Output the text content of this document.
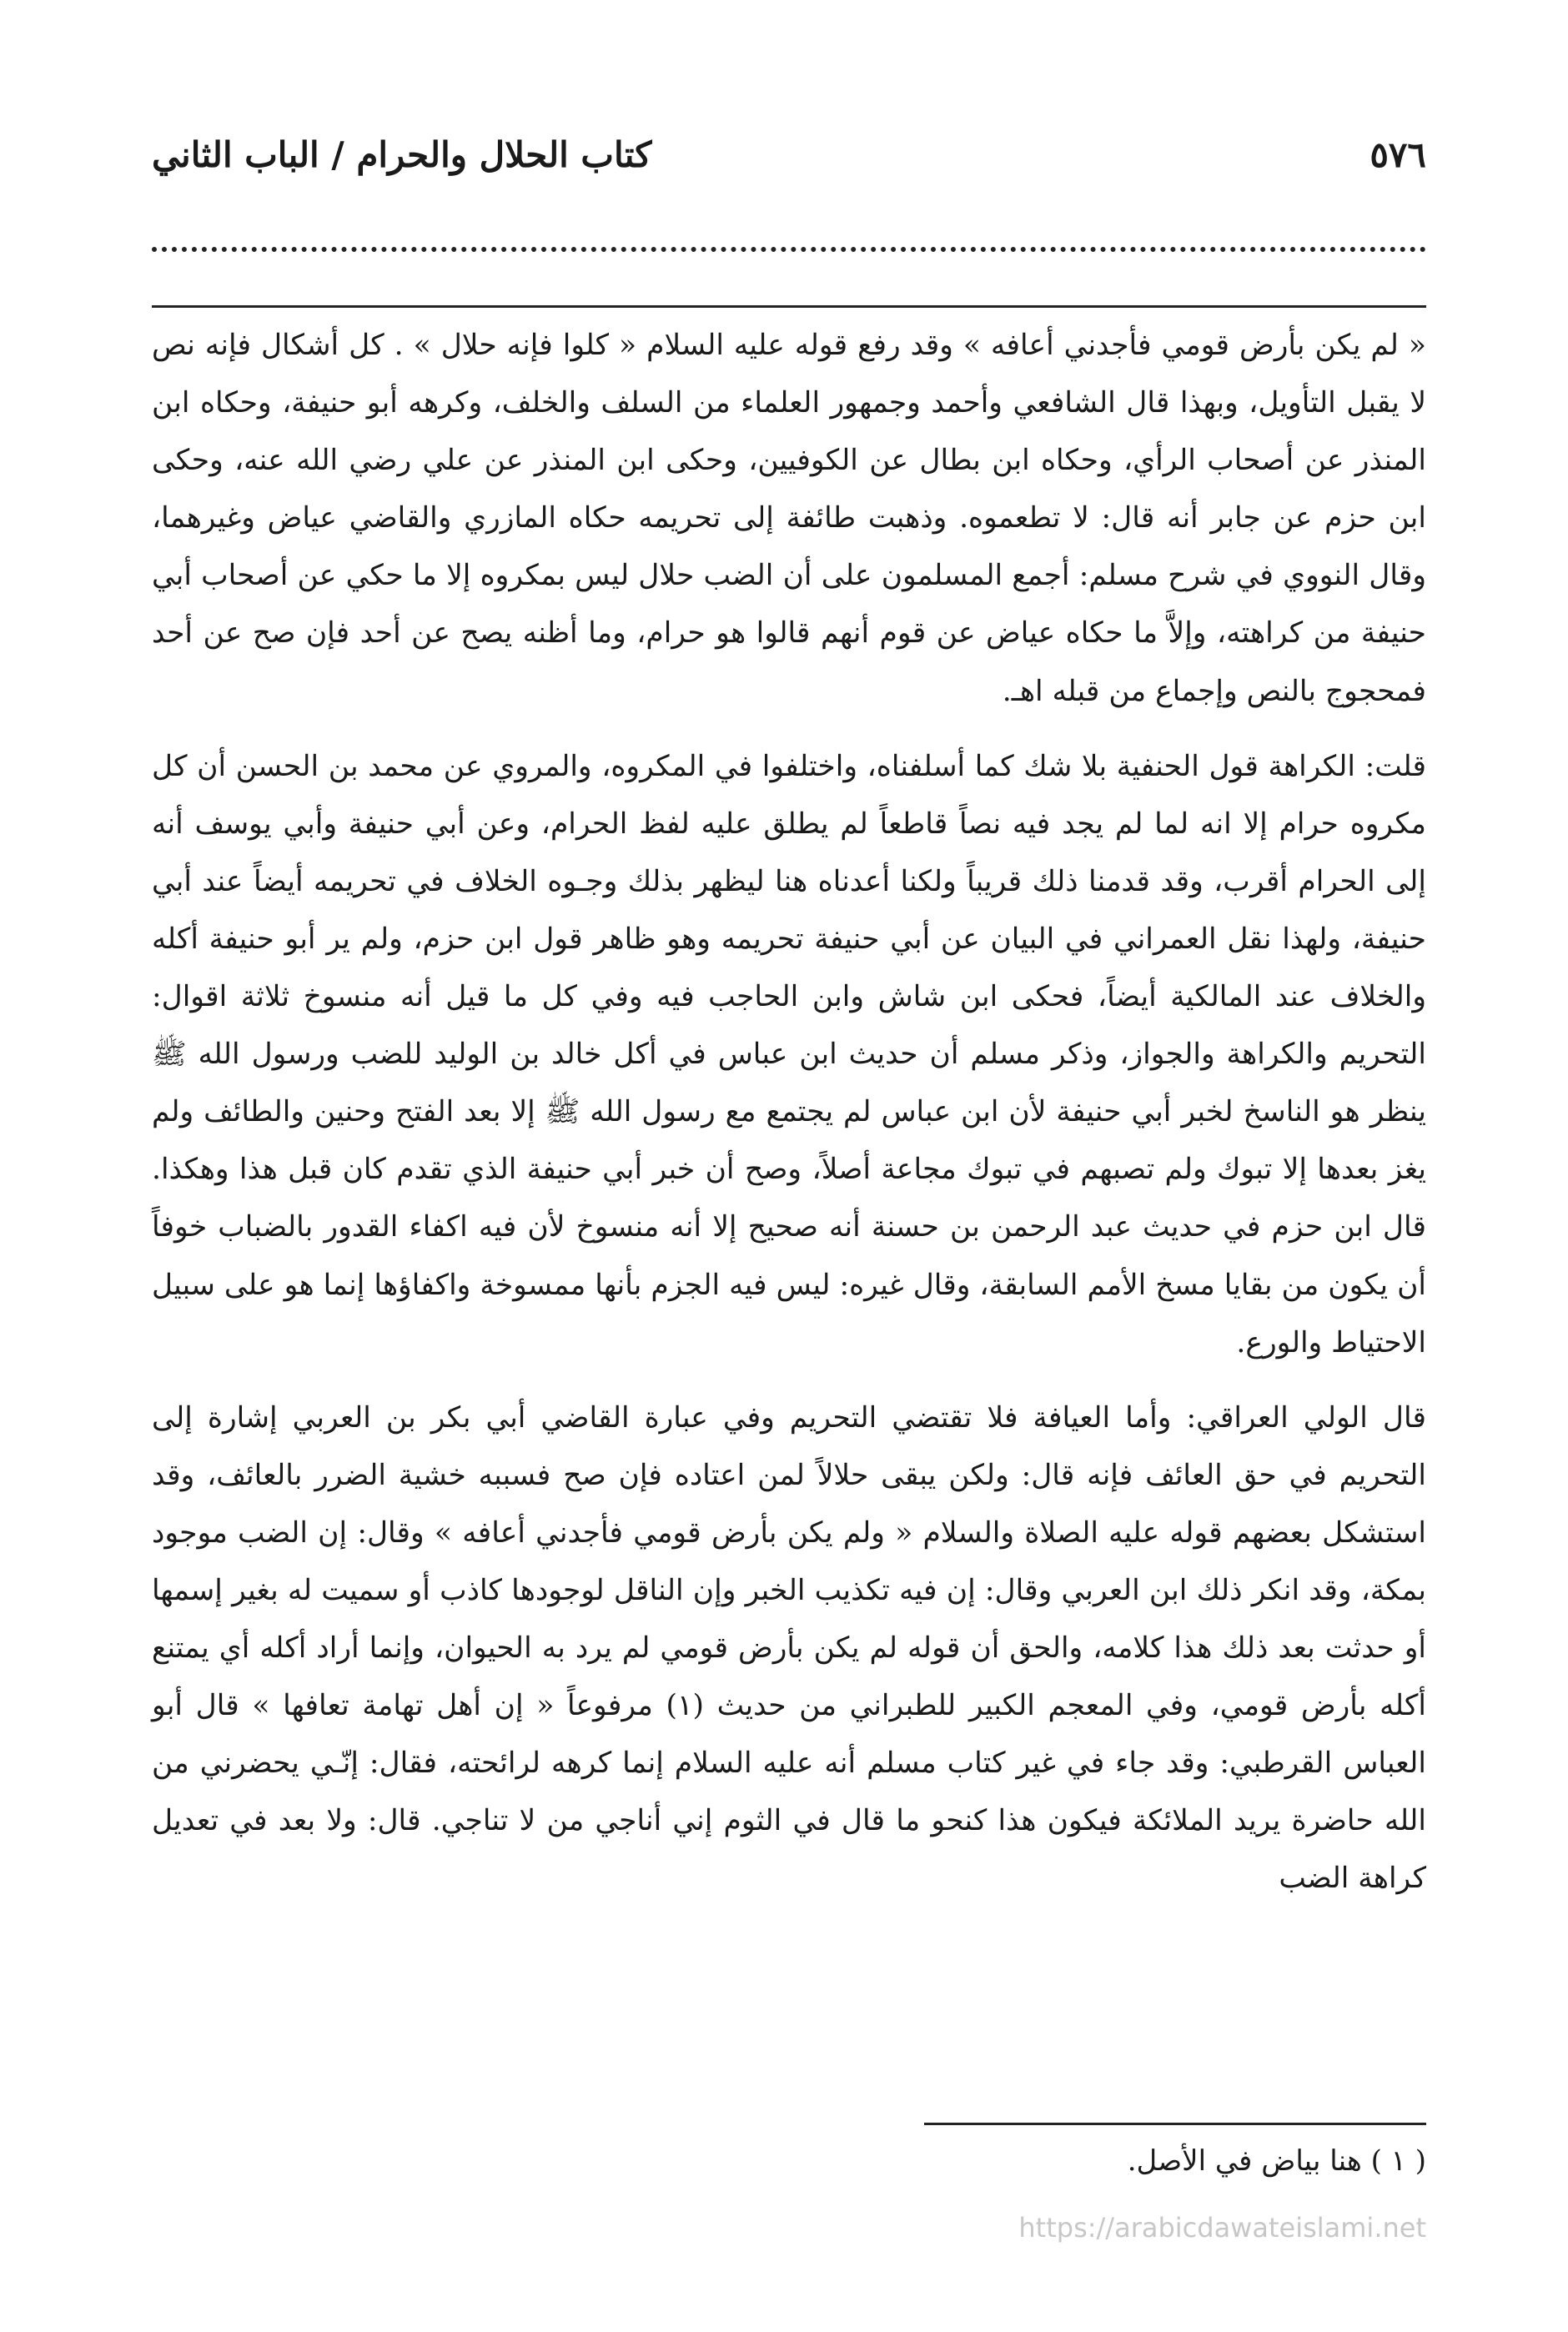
٥٧٦
كتاب الحلال والحرام / الباب الثاني

« لم يكن بأرض قومي فأجدني أعافه » وقد رفع قوله عليه السلام « كلوا فإنه حلال » . كل أشكال فإنه نص لا يقبل التأويل، وبهذا قال الشافعي وأحمد وجمهور العلماء من السلف والخلف، وكرهه أبو حنيفة، وحكاه ابن المنذر عن أصحاب الرأي، وحكاه ابن بطال عن الكوفيين، وحكى ابن المنذر عن علي رضي الله عنه، وحكى ابن حزم عن جابر أنه قال: لا تطعموه. وذهبت طائفة إلى تحريمه حكاه المازري والقاضي عياض وغيرهما، وقال النووي في شرح مسلم: أجمع المسلمون على أن الضب حلال ليس بمكروه إلا ما حكي عن أصحاب أبي حنيفة من كراهته، وإلاَّ ما حكاه عياض عن قوم أنهم قالوا هو حرام، وما أظنه يصح عن أحد فإن صح عن أحد فمحجوج بالنص وإجماع من قبله اهـ.

قلت: الكراهة قول الحنفية بلا شك كما أسلفناه، واختلفوا في المكروه، والمروي عن محمد بن الحسن أن كل مكروه حرام إلا انه لما لم يجد فيه نصاً قاطعاً لم يطلق عليه لفظ الحرام، وعن أبي حنيفة وأبي يوسف أنه إلى الحرام أقرب، وقد قدمنا ذلك قريباً ولكنا أعدناه هنا ليظهر بذلك وجـوه الخلاف في تحريمه أيضاً عند أبي حنيفة، ولهذا نقل العمراني في البيان عن أبي حنيفة تحريمه وهو ظاهر قول ابن حزم، ولم ير أبو حنيفة أكله والخلاف عند المالكية أيضاً، فحكى ابن شاش وابن الحاجب فيه وفي كل ما قيل أنه منسوخ ثلاثة اقوال: التحريم والكراهة والجواز، وذكر مسلم أن حديث ابن عباس في أكل خالد بن الوليد للضب ورسول الله ﷺ ينظر هو الناسخ لخبر أبي حنيفة لأن ابن عباس لم يجتمع مع رسول الله ﷺ إلا بعد الفتح وحنين والطائف ولم يغز بعدها إلا تبوك ولم تصبهم في تبوك مجاعة أصلاً، وصح أن خبر أبي حنيفة الذي تقدم كان قبل هذا وهكذا. قال ابن حزم في حديث عبد الرحمن بن حسنة أنه صحيح إلا أنه منسوخ لأن فيه اكفاء القدور بالضباب خوفاً أن يكون من بقايا مسخ الأمم السابقة، وقال غيره: ليس فيه الجزم بأنها ممسوخة واكفاؤها إنما هو على سبيل الاحتياط والورع.

قال الولي العراقي: وأما العيافة فلا تقتضي التحريم وفي عبارة القاضي أبي بكر بن العربي إشارة إلى التحريم في حق العائف فإنه قال: ولكن يبقى حلالاً لمن اعتاده فإن صح فسببه خشية الضرر بالعائف، وقد استشكل بعضهم قوله عليه الصلاة والسلام « ولم يكن بأرض قومي فأجدني أعافه » وقال: إن الضب موجود بمكة، وقد انكر ذلك ابن العربي وقال: إن فيه تكذيب الخبر وإن الناقل لوجودها كاذب أو سميت له بغير إسمها أو حدثت بعد ذلك هذا كلامه، والحق أن قوله لم يكن بأرض قومي لم يرد به الحيوان، وإنما أراد أكله أي يمتنع أكله بأرض قومي، وفي المعجم الكبير للطبراني من حديث (١) مرفوعاً « إن أهل تهامة تعافها » قال أبو العباس القرطبي: وقد جاء في غير كتاب مسلم أنه عليه السلام إنما كرهه لرائحته، فقال: إنّـي يحضرني من الله حاضرة يريد الملائكة فيكون هذا كنحو ما قال في الثوم إني أناجي من لا تناجي. قال: ولا بعد في تعديل كراهة الضب

( ١ ) هنا بياض في الأصل.
https://arabicdawateislami.net
